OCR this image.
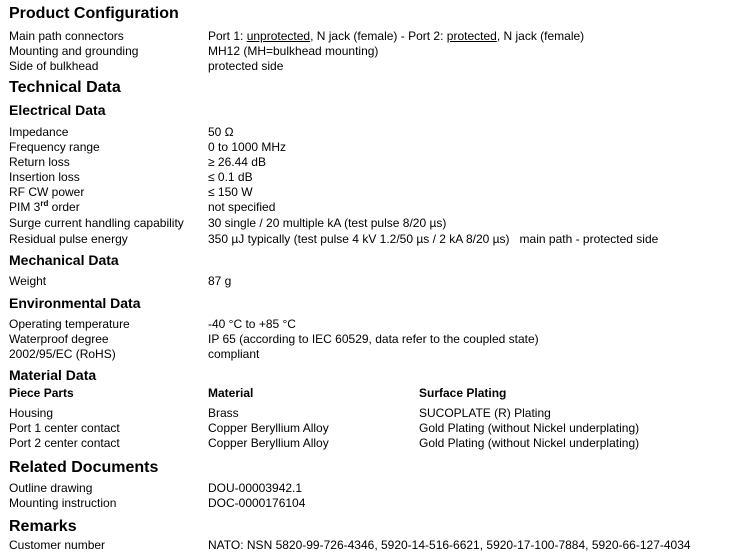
Product Configuration
Main path connectors	Port 1: unprotected, N jack (female) - Port 2: protected, N jack (female)
Mounting and grounding	MH12 (MH=bulkhead mounting)
Side of bulkhead	protected side
Technical Data
Electrical Data
Impedance	50 Ω
Frequency range	0 to 1000 MHz
Return loss	≥ 26.44 dB
Insertion loss	≤ 0.1 dB
RF CW power	≤ 150 W
PIM 3rd order	not specified
Surge current handling capability 30 single / 20 multiple kA (test pulse 8/20 µs)
Residual pulse energy	350 µJ typically (test pulse 4 kV 1.2/50 µs / 2 kA 8/20 µs)   main path - protected side
Mechanical Data
Weight	87 g
Environmental Data
Operating temperature	-40 °C to +85 °C
Waterproof degree	IP 65 (according to IEC 60529, data refer to the coupled state)
2002/95/EC (RoHS)	compliant
Material Data
Piece Parts	Material	Surface Plating
Housing	Brass	SUCOPLATE (R) Plating
Port 1 center contact	Copper Beryllium Alloy	Gold Plating (without Nickel underplating)
Port 2 center contact	Copper Beryllium Alloy	Gold Plating (without Nickel underplating)
Related Documents
Outline drawing	DOU-00003942.1
Mounting instruction	DOC-0000176104
Remarks
Customer number	NATO: NSN 5820-99-726-4346, 5920-14-516-6621, 5920-17-100-7884, 5920-66-127-4034
